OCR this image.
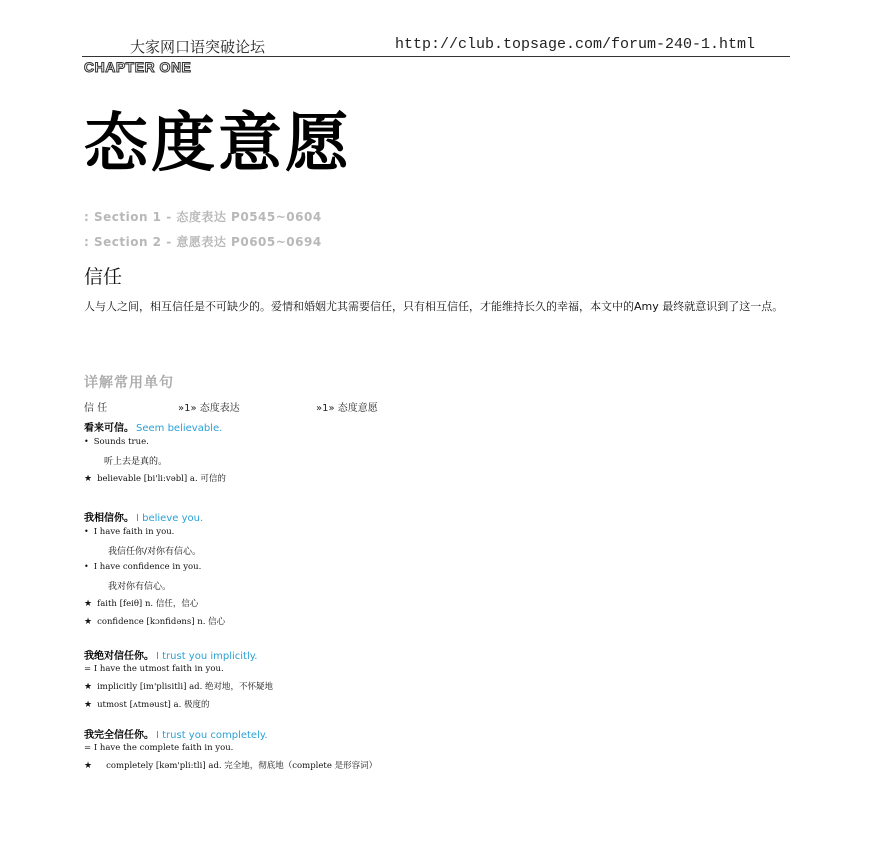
大家网口语突破论坛	http://club.topsage.com/forum-240-1.html
CHAPTER ONE
态度意愿
: Section 1 - 态度表达 P0545~0604
: Section 2 - 意愿表达 P0605~0694
信任
人与人之间，相互信任是不可缺少的。爱情和婚姻尤其需要信任，只有相互信任，才能维持长久的幸福，本文中的Amy 最终就意识到了这一点。
详解常用单句
信 任	»1» 态度表达	»1» 态度意愿
看来可信。 Seem believable.
• Sounds true.
听上去是真的。
★ believable [bi'li:vəbl] a. 可信的
我相信你。 I believe you.
• I have faith in you.
我信任你/对你有信心。
• I have confidence in you.
我对你有信心。
★ faith [feiθ] n. 信任，信心
★ confidence [kɔnfidəns] n. 信心
我绝对信任你。 I trust you implicitly.
= I have the utmost faith in you.
★ implicitly [im'plisitli] ad. 绝对地，不怀疑地
★ utmost [ʌtməust] a. 极度的
我完全信任你。 I trust you completely.
= I have the complete faith in you.
★ completely [kəm'pli:tli] ad. 完全地，彻底地（complete 是形容词）
